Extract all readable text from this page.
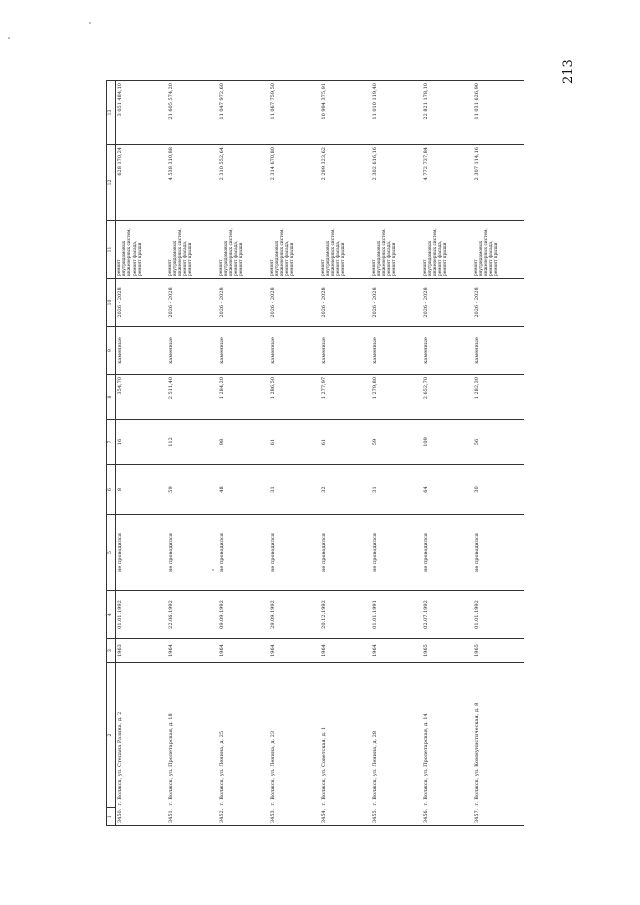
213
1	2	3	4	5	6	7	8	9	10	11	12	13
3450.	г. Волжск, ул. Степана Разина, д. 2	1963	01.01.1992	не проводился	8	16	354,70	каменные	2026 - 2028	ремонт внутридомовых инженерных систем, ремонт фасада, ремонт крыши	628 170,24	3 051 484,10
3451.	г. Волжск, ул. Пролетарская, д. 18	1964	22.06.1992	не проводился	59	112	2 511,40	каменные	2026 - 2028	ремонт внутридомовых инженерных систем, ремонт фасада, ремонт крыши	4 538 310,88	21 605 574,20
3452.	г. Волжск, ул. Ленина, д. 25	1964	09.09.1992	не проводился	48	98	1 284,20	каменные	2026 - 2028	ремонт внутридомовых инженерных систем, ремонт фасада, ремонт крыши	2 310 552,64	11 047 972,60
3453.	г. Волжск, ул. Ленина, д. 23	1964	29.09.1992	не проводился	31	61	1 286,50	каменные	2026 - 2028	ремонт внутридомовых инженерных систем, ремонт фасада, ремонт крыши	2 314 670,80	11 067 759,50
3454.	г. Волжск, ул. Советская, д. 1	1964	20.12.1992	не проводился	32	61	1 277,97	каменные	2026 - 2028	ремонт внутридомовых инженерных систем, ремонт фасада, ремонт крыши	2 299 323,62	10 994 375,91
3455.	г. Волжск, ул. Ленина, д. 28	1964	01.01.1991	не проводился	31	59	1 279,80	каменные	2026 - 2028	ремонт внутридомовых инженерных систем, ремонт фасада, ремонт крыши	2 302 616,16	11 010 119,40
3456.	г. Волжск, ул. Пролетарская, д. 14	1965	02.07.1992	не проводился	64	109	2 652,70	каменные	2026 - 2028	ремонт внутридомовых инженерных систем, ремонт фасада, ремонт крыши	4 772 737,84	22 821 178,10
3457.	г. Волжск, ул. Коммунистическая, д. 8	1965	01.01.1992	не проводился	30	56	1 282,30	каменные	2026 - 2028	ремонт внутридомовых инженерных систем, ремонт фасада, ремонт крыши	2 307 114,16	11 031 626,90
